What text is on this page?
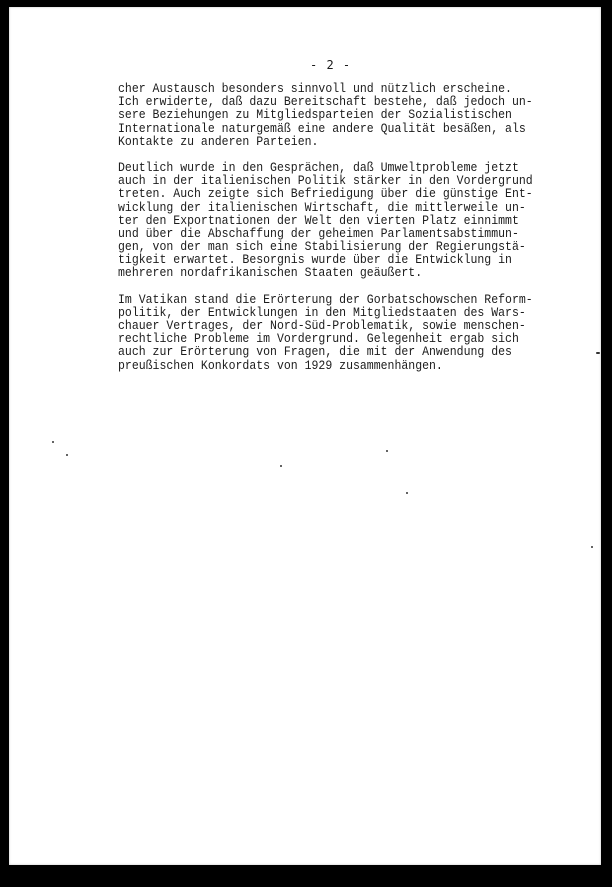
- 2 -
cher Austausch besonders sinnvoll und nützlich erscheine.
Ich erwiderte, daß dazu Bereitschaft bestehe, daß jedoch un-
sere Beziehungen zu Mitgliedsparteien der Sozialistischen
Internationale naturgemäß eine andere Qualität besäßen, als
Kontakte zu anderen Parteien.
Deutlich wurde in den Gesprächen, daß Umweltprobleme jetzt
auch in der italienischen Politik stärker in den Vordergrund
treten. Auch zeigte sich Befriedigung über die günstige Ent-
wicklung der italienischen Wirtschaft, die mittlerweile un-
ter den Exportnationen der Welt den vierten Platz einnimmt
und über die Abschaffung der geheimen Parlamentsabstimmun-
gen, von der man sich eine Stabilisierung der Regierungstä-
tigkeit erwartet. Besorgnis wurde über die Entwicklung in
mehreren nordafrikanischen Staaten geäußert.
Im Vatikan stand die Erörterung der Gorbatschowschen Reform-
politik, der Entwicklungen in den Mitgliedstaaten des Wars-
chauer Vertrages, der Nord-Süd-Problematik, sowie menschen-
rechtliche Probleme im Vordergrund. Gelegenheit ergab sich
auch zur Erörterung von Fragen, die mit der Anwendung des
preußischen Konkordats von 1929 zusammenhängen.
